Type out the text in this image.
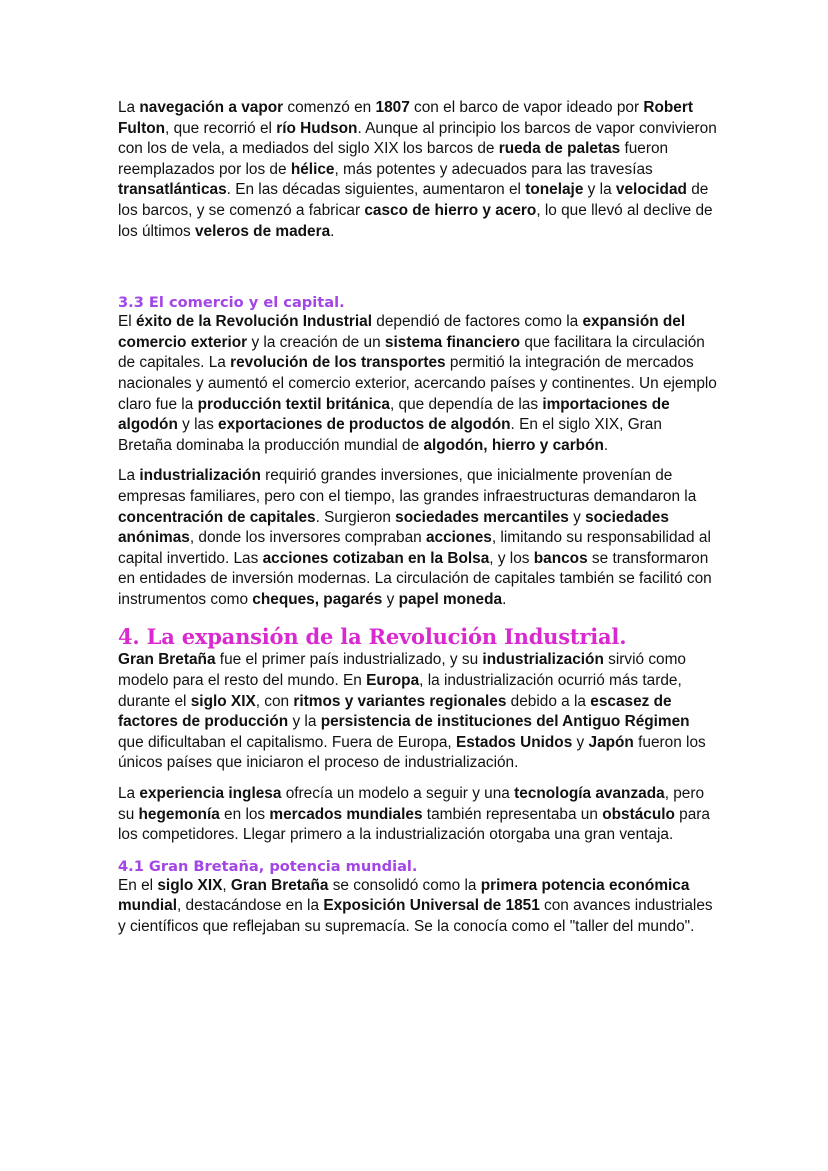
La navegación a vapor comenzó en 1807 con el barco de vapor ideado por Robert Fulton, que recorrió el río Hudson. Aunque al principio los barcos de vapor convivieron con los de vela, a mediados del siglo XIX los barcos de rueda de paletas fueron reemplazados por los de hélice, más potentes y adecuados para las travesías transatlánticas. En las décadas siguientes, aumentaron el tonelaje y la velocidad de los barcos, y se comenzó a fabricar casco de hierro y acero, lo que llevó al declive de los últimos veleros de madera.

3.3 El comercio y el capital.

El éxito de la Revolución Industrial dependió de factores como la expansión del comercio exterior y la creación de un sistema financiero que facilitara la circulación de capitales. La revolución de los transportes permitió la integración de mercados nacionales y aumentó el comercio exterior, acercando países y continentes. Un ejemplo claro fue la producción textil británica, que dependía de las importaciones de algodón y las exportaciones de productos de algodón. En el siglo XIX, Gran Bretaña dominaba la producción mundial de algodón, hierro y carbón.

La industrialización requirió grandes inversiones, que inicialmente provenían de empresas familiares, pero con el tiempo, las grandes infraestructuras demandaron la concentración de capitales. Surgieron sociedades mercantiles y sociedades anónimas, donde los inversores compraban acciones, limitando su responsabilidad al capital invertido. Las acciones cotizaban en la Bolsa, y los bancos se transformaron en entidades de inversión modernas. La circulación de capitales también se facilitó con instrumentos como cheques, pagarés y papel moneda.

4. La expansión de la Revolución Industrial.

Gran Bretaña fue el primer país industrializado, y su industrialización sirvió como modelo para el resto del mundo. En Europa, la industrialización ocurrió más tarde, durante el siglo XIX, con ritmos y variantes regionales debido a la escasez de factores de producción y la persistencia de instituciones del Antiguo Régimen que dificultaban el capitalismo. Fuera de Europa, Estados Unidos y Japón fueron los únicos países que iniciaron el proceso de industrialización.

La experiencia inglesa ofrecía un modelo a seguir y una tecnología avanzada, pero su hegemonía en los mercados mundiales también representaba un obstáculo para los competidores. Llegar primero a la industrialización otorgaba una gran ventaja.

4.1 Gran Bretaña, potencia mundial.

En el siglo XIX, Gran Bretaña se consolidó como la primera potencia económica mundial, destacándose en la Exposición Universal de 1851 con avances industriales y científicos que reflejaban su supremacía. Se la conocía como el "taller del mundo".
